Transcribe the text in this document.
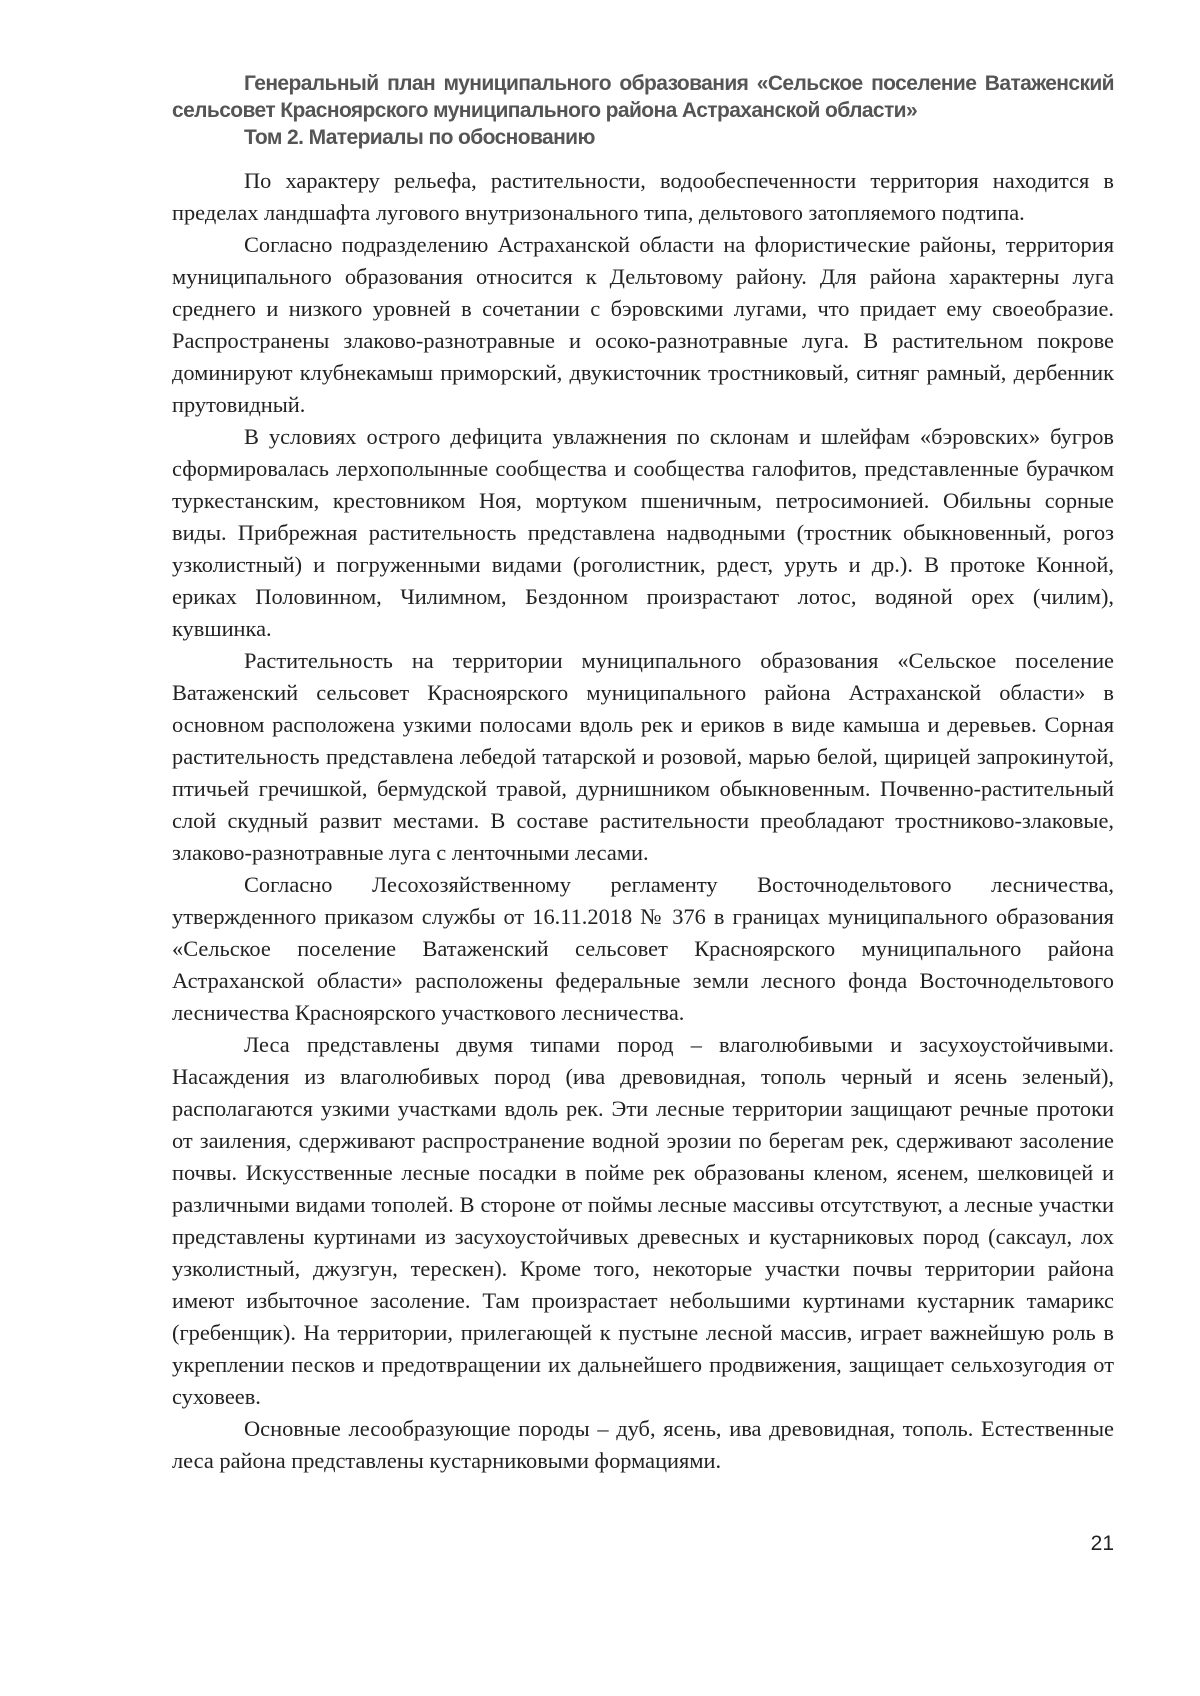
Генеральный план муниципального образования «Сельское поселение Ватаженский
сельсовет Красноярского муниципального района Астраханской области»
Том 2. Материалы по обоснованию

По характеру рельефа, растительности, водообеспеченности территория находится в пределах ландшафта лугового внутризонального типа, дельтового затопляемого подтипа.

Согласно подразделению Астраханской области на флористические районы, территория муниципального образования относится к Дельтовому району. Для района характерны луга среднего и низкого уровней в сочетании с бэровскими лугами, что придает ему своеобразие. Распространены злаково-разнотравные и осоко-разнотравные луга. В растительном покрове доминируют клубнекамыш приморский, двукисточник тростниковый, ситняг рамный, дербенник прутовидный.

В условиях острого дефицита увлажнения по склонам и шлейфам «бэровских» бугров сформировалась лерхополынные сообщества и сообщества галофитов, представленные бурачком туркестанским, крестовником Ноя, мортуком пшеничным, петросимонией. Обильны сорные виды. Прибрежная растительность представлена надводными (тростник обыкновенный, рогоз узколистный) и погруженными видами (роголистник, рдест, уруть и др.). В протоке Конной, ериках Половинном, Чилимном, Бездонном произрастают лотос, водяной орех (чилим), кувшинка.

Растительность на территории муниципального образования «Сельское поселение Ватаженский сельсовет Красноярского муниципального района Астраханской области» в основном расположена узкими полосами вдоль рек и ериков в виде камыша и деревьев. Сорная растительность представлена лебедой татарской и розовой, марью белой, щирицей запрокинутой, птичьей гречишкой, бермудской травой, дурнишником обыкновенным. Почвенно-растительный слой скудный развит местами. В составе растительности преобладают тростниково-злаковые, злаково-разнотравные луга с ленточными лесами.

Согласно Лесохозяйственному регламенту Восточнодельтового лесничества, утвержденного приказом службы от 16.11.2018 № 376 в границах муниципального образования «Сельское поселение Ватаженский сельсовет Красноярского муниципального района Астраханской области» расположены федеральные земли лесного фонда Восточнодельтового лесничества Красноярского участкового лесничества.

Леса представлены двумя типами пород – влаголюбивыми и засухоустойчивыми. Насаждения из влаголюбивых пород (ива древовидная, тополь черный и ясень зеленый), располагаются узкими участками вдоль рек. Эти лесные территории защищают речные протоки от заиления, сдерживают распространение водной эрозии по берегам рек, сдерживают засоление почвы. Искусственные лесные посадки в пойме рек образованы кленом, ясенем, шелковицей и различными видами тополей. В стороне от поймы лесные массивы отсутствуют, а лесные участки представлены куртинами из засухоустойчивых древесных и кустарниковых пород (саксаул, лох узколистный, джузгун, терескен). Кроме того, некоторые участки почвы территории района имеют избыточное засоление. Там произрастает небольшими куртинами кустарник тамарикс (гребенщик). На территории, прилегающей к пустыне лесной массив, играет важнейшую роль в укреплении песков и предотвращении их дальнейшего продвижения, защищает сельхозугодия от суховеев.

Основные лесообразующие породы – дуб, ясень, ива древовидная, тополь. Естественные леса района представлены кустарниковыми формациями.

21
